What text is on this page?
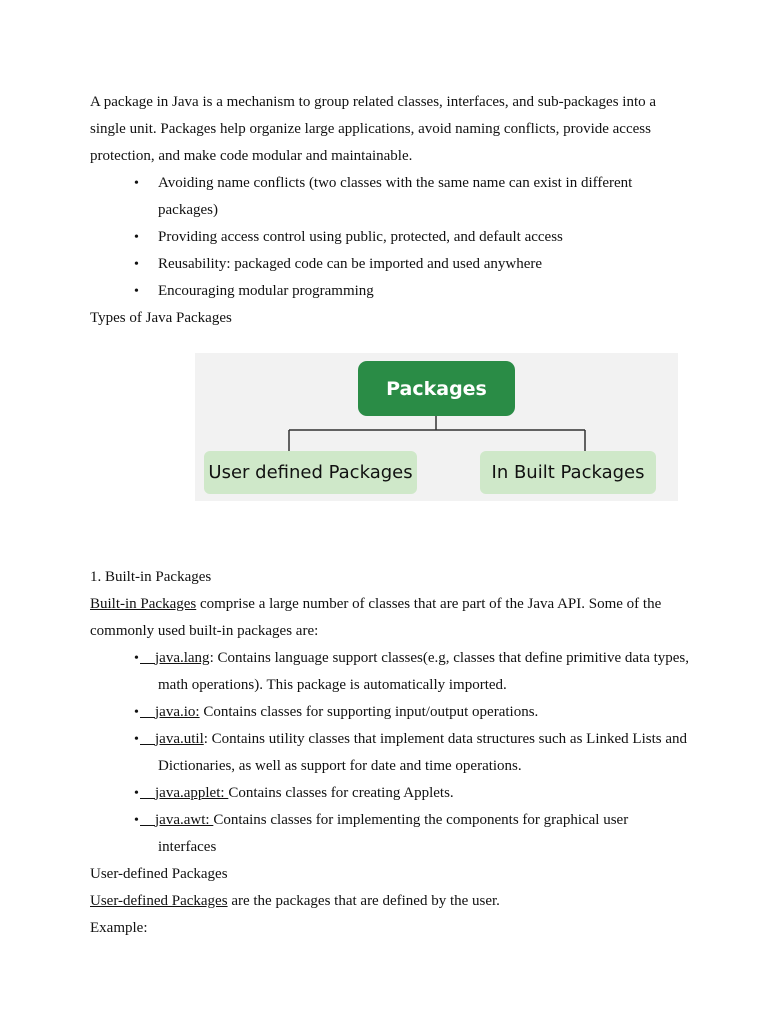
A package in Java is a mechanism to group related classes, interfaces, and sub-packages into a single unit. Packages help organize large applications, avoid naming conflicts, provide access protection, and make code modular and maintainable.

• Avoiding name conflicts (two classes with the same name can exist in different packages)
• Providing access control using public, protected, and default access
• Reusability: packaged code can be imported and used anywhere
• Encouraging modular programming

Types of Java Packages

Packages
User defined Packages	In Built Packages

1. Built-in Packages

Built-in Packages comprise a large number of classes that are part of the Java API. Some of the commonly used built-in packages are:

• java.lang: Contains language support classes(e.g, classes that define primitive data types, math operations). This package is automatically imported.
• java.io: Contains classes for supporting input/output operations.
• java.util: Contains utility classes that implement data structures such as Linked Lists and Dictionaries, as well as support for date and time operations.
• java.applet: Contains classes for creating Applets.
• java.awt: Contains classes for implementing the components for graphical user interfaces

User-defined Packages

User-defined Packages are the packages that are defined by the user.

Example:
